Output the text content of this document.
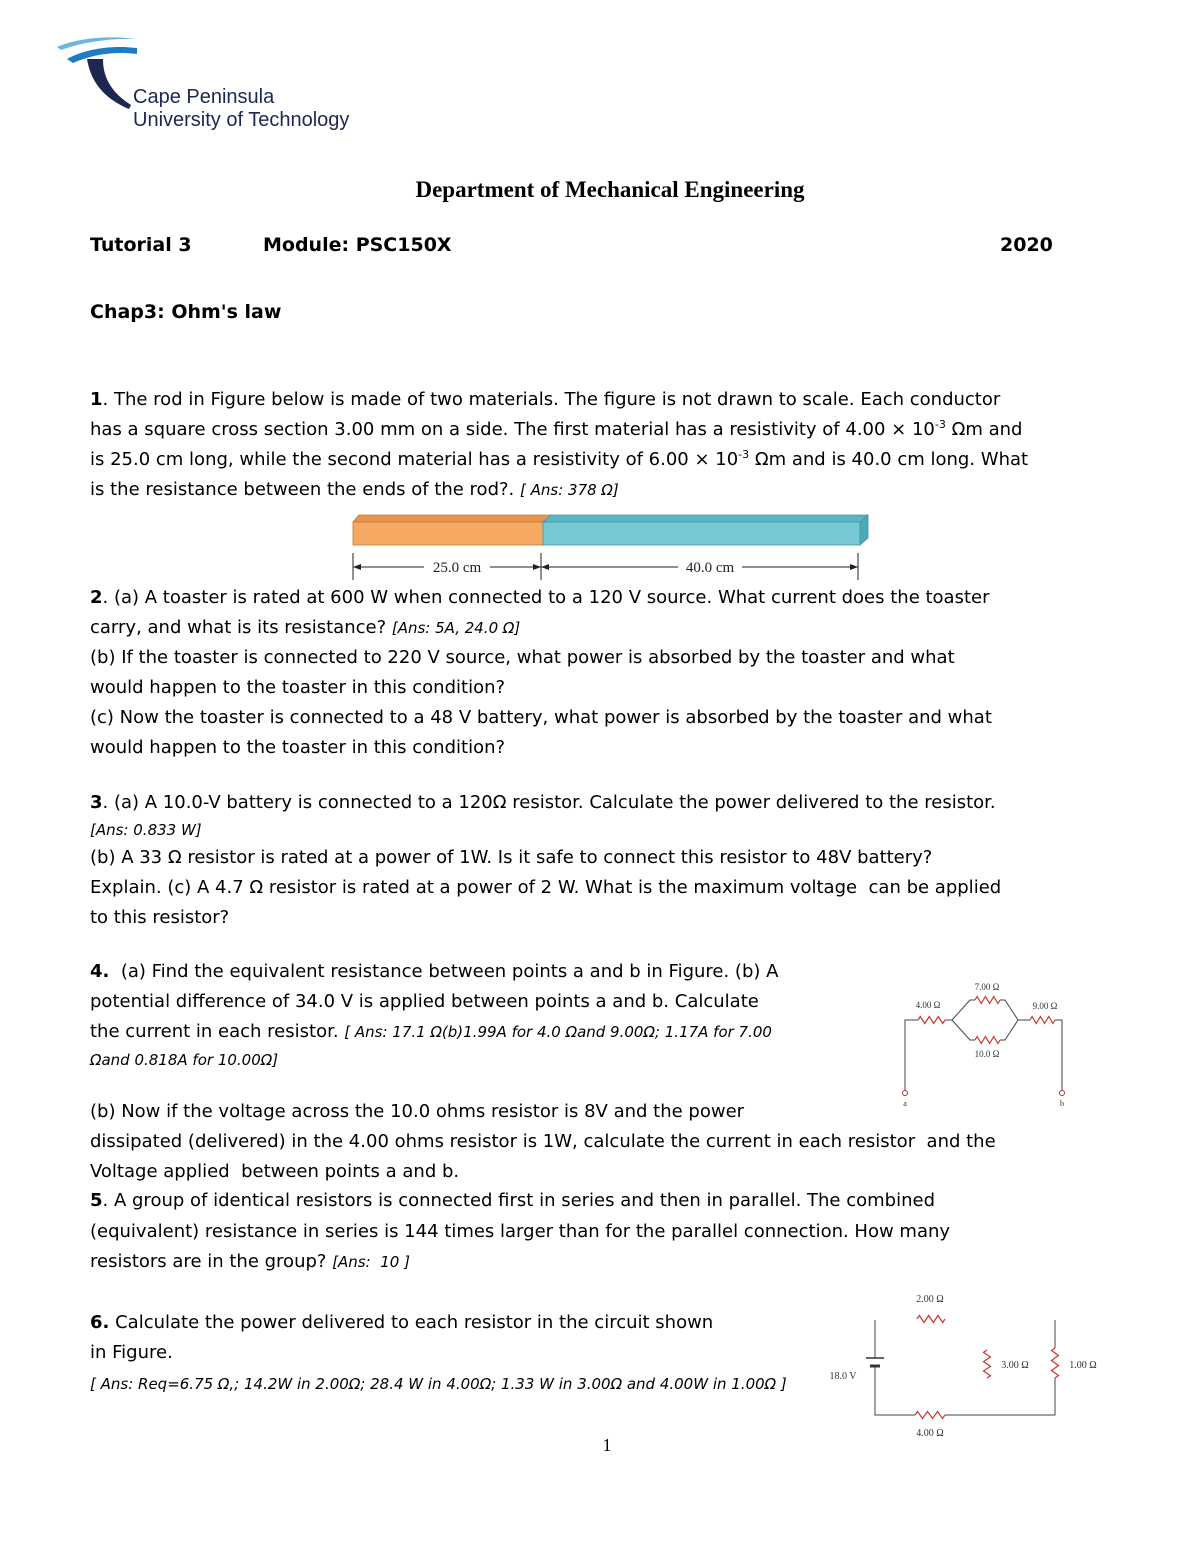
Cape Peninsula
University of Technology
Department of Mechanical Engineering
Tutorial 3	Module: PSC150X	2020
Chap3: Ohm's law
1. The rod in Figure below is made of two materials. The figure is not drawn to scale. Each conductor
has a square cross section 3.00 mm on a side. The first material has a resistivity of $4.00 \times 10^{-3}$ Ωm and
is 25.0 cm long, while the second material has a resistivity of $6.00 \times 10^{-3}$ Ωm and is 40.0 cm long. What
is the resistance between the ends of the rod?. [ Ans: 378 Ω]
25.0 cm	40.0 cm
2. (a) A toaster is rated at 600 W when connected to a 120 V source. What current does the toaster
carry, and what is its resistance? [Ans: 5A, 24.0 Ω]
(b) If the toaster is connected to 220 V source, what power is absorbed by the toaster and what
would happen to the toaster in this condition?
(c) Now the toaster is connected to a 48 V battery, what power is absorbed by the toaster and what
would happen to the toaster in this condition?
3. (a) A 10.0-V battery is connected to a 120Ω resistor. Calculate the power delivered to the resistor.
[Ans: 0.833 W]
(b) A 33 Ω resistor is rated at a power of 1W. Is it safe to connect this resistor to 48V battery?
Explain. (c) A 4.7 Ω resistor is rated at a power of 2 W. What is the maximum voltage  can be applied
to this resistor?
4.  (a) Find the equivalent resistance between points a and b in Figure. (b) A
potential difference of 34.0 V is applied between points a and b. Calculate
the current in each resistor. [ Ans: 17.1 Ω(b)1.99A for 4.0 Ωand 9.00Ω; 1.17A for 7.00
Ωand 0.818A for 10.00Ω]
(b) Now if the voltage across the 10.0 ohms resistor is 8V and the power
dissipated (delivered) in the 4.00 ohms resistor is 1W, calculate the current in each resistor  and the
Voltage applied  between points a and b.
4.00 Ω
7.00 Ω
10.0 Ω
9.00 Ω
a	b
5. A group of identical resistors is connected first in series and then in parallel. The combined
(equivalent) resistance in series is 144 times larger than for the parallel connection. How many
resistors are in the group? [Ans:  10 ]
6. Calculate the power delivered to each resistor in the circuit shown
in Figure.
[ Ans: Req=6.75 Ω,; 14.2W in 2.00Ω; 28.4 W in 4.00Ω; 1.33 W in 3.00Ω and 4.00W in 1.00Ω ]
2.00 Ω
18.0 V
3.00 Ω	1.00 Ω
4.00 Ω
1
